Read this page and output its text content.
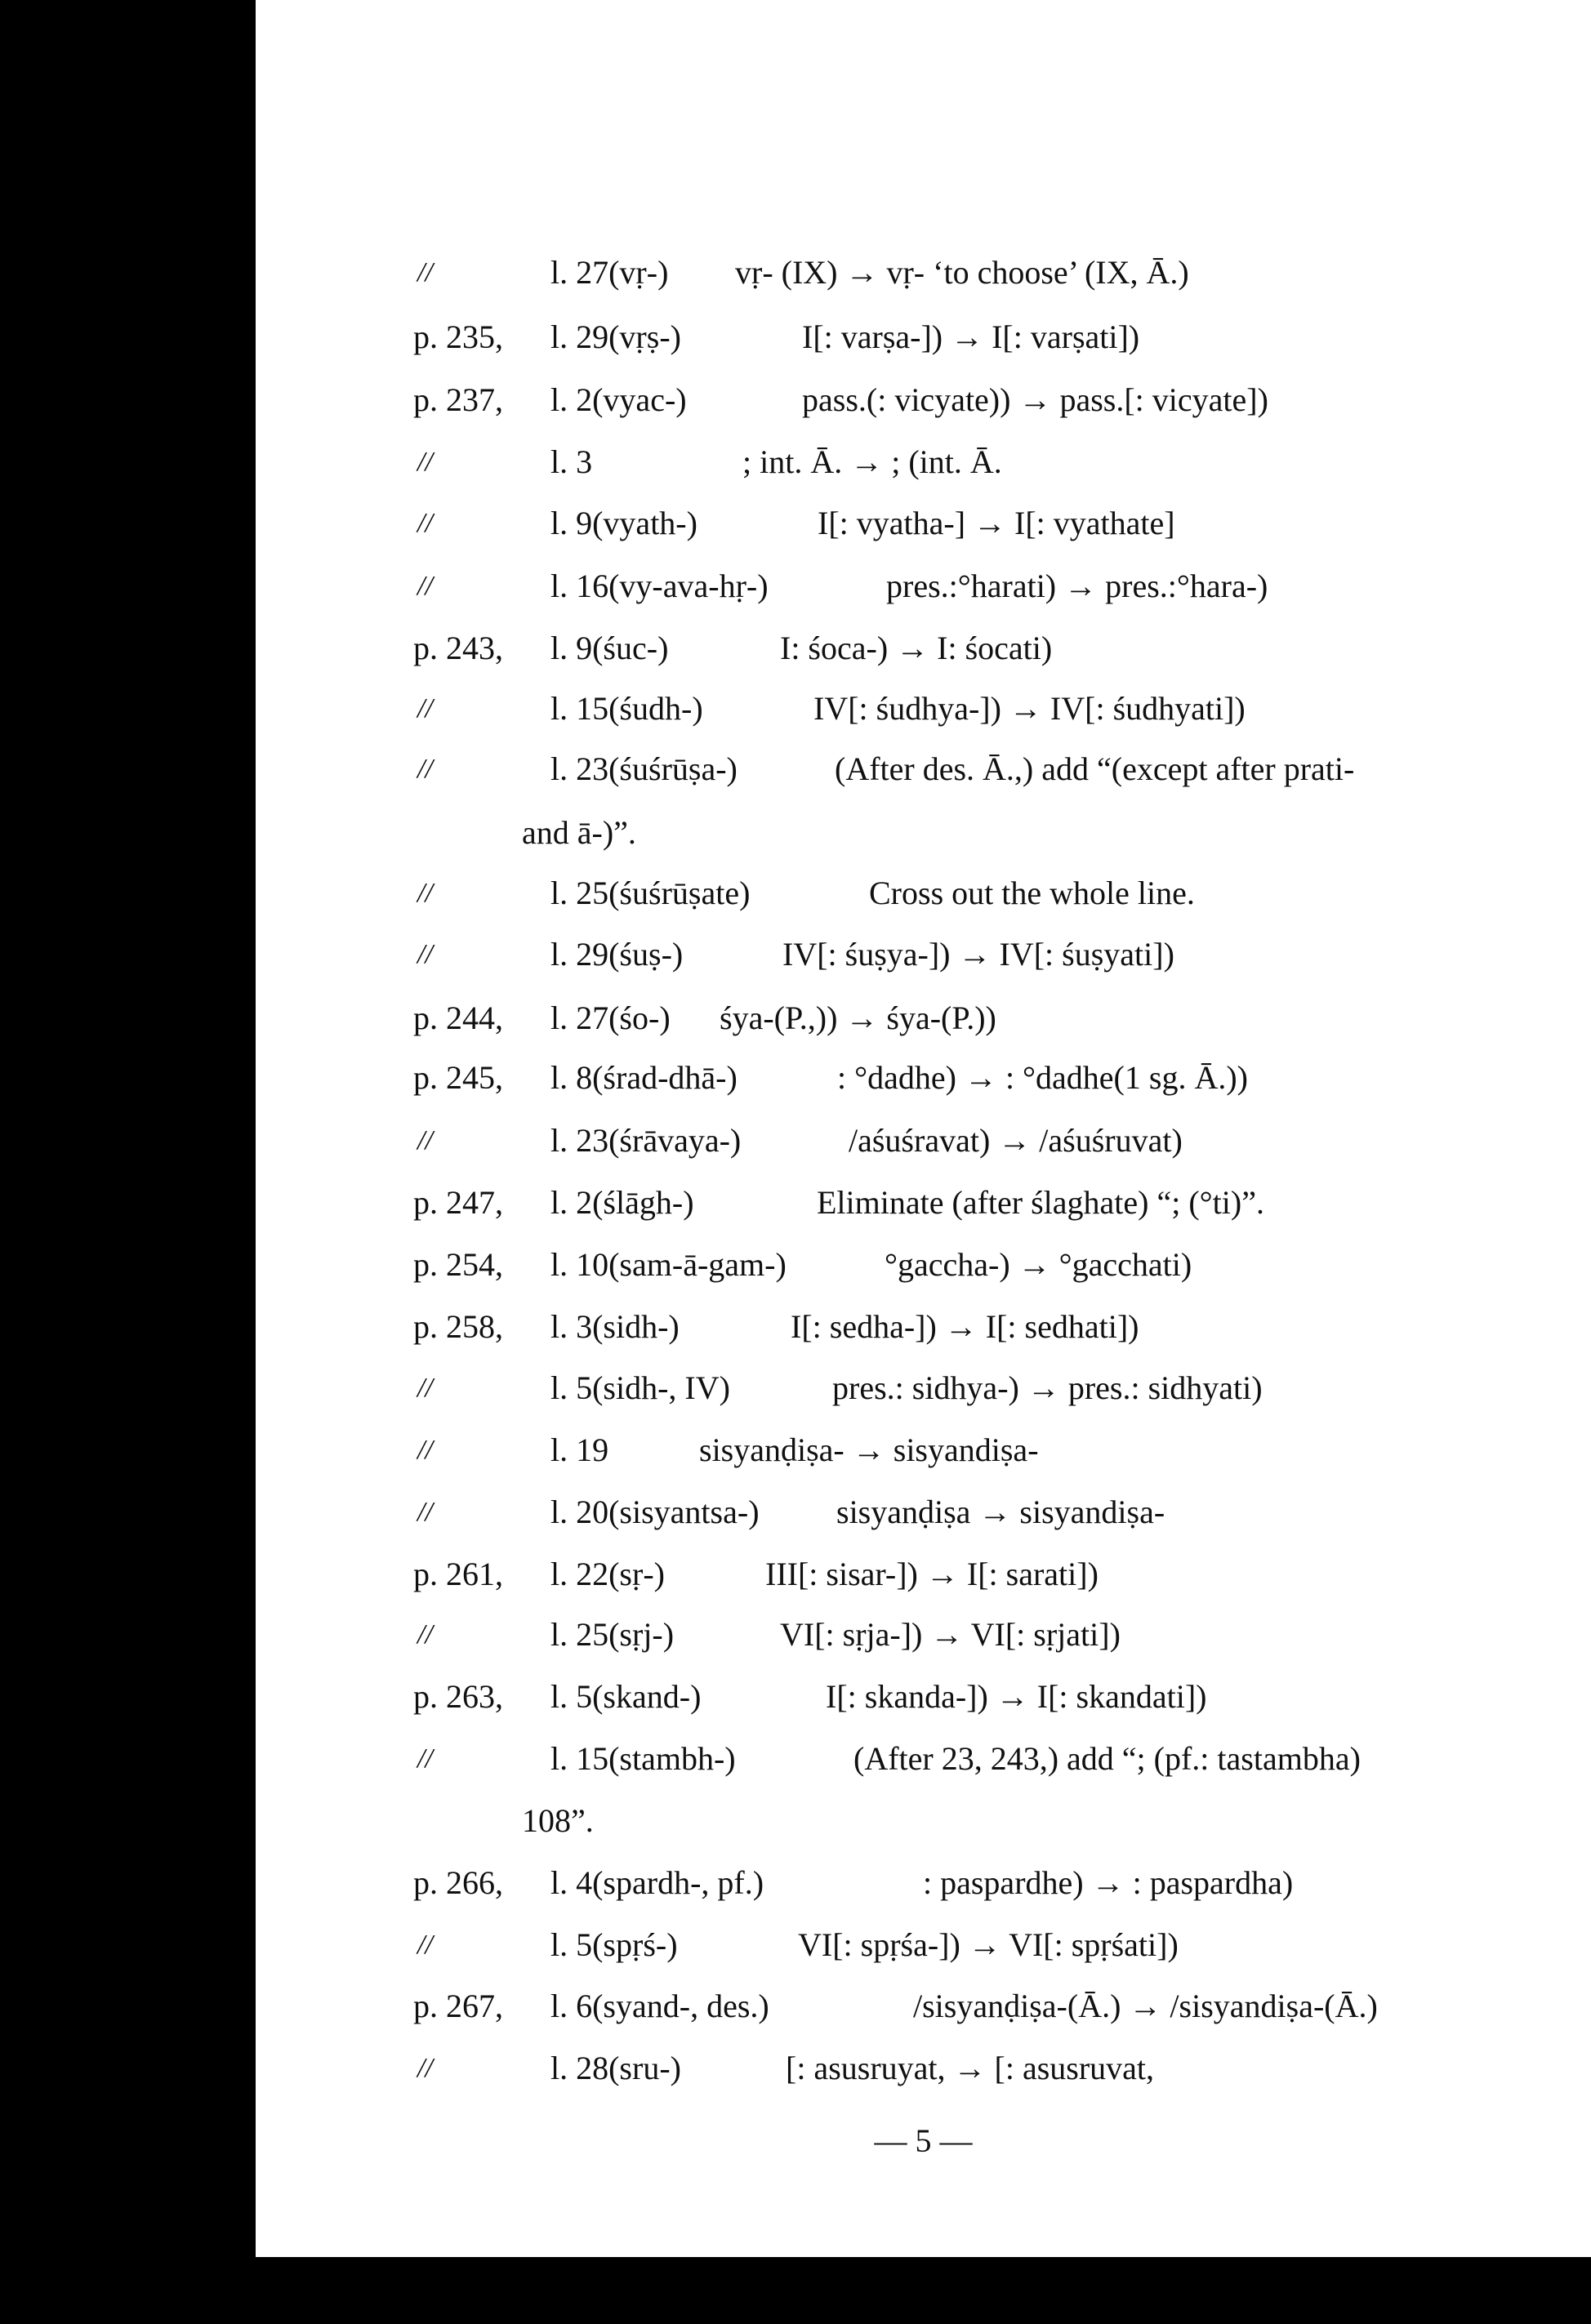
//	l. 27(vṛ-) vṛ- (IX) → vṛ- ‘to choose’ (IX, Ā.)
p. 235, l. 29(vṛṣ-)	I[: varṣa-]) → I[: varṣati])
p. 237, l. 2(vyac-)	pass.(: vicyate)) → pass.[: vicyate])
//	l. 3	; int. Ā. → ; (int. Ā.
//	l. 9(vyath-)	I[: vyatha-] → I[: vyathate]
//	l. 16(vy-ava-hṛ-)	pres.:°harati) → pres.:°hara-)
p. 243, l. 9(śuc-)	I: śoca-) → I: śocati)
//	l. 15(śudh-)	IV[: śudhya-]) → IV[: śudhyati])
//	l. 23(śuśrūṣa-)	(After des. Ā.,) add “(except after prati-
and ā-)”.
//	l. 25(śuśrūṣate)	Cross out the whole line.
//	l. 29(śuṣ-)	IV[: śuṣya-]) → IV[: śuṣyati])
p. 244, l. 27(śo-) śya-(P.,)) → śya-(P.))
p. 245, l. 8(śrad-dhā-)	: °dadhe) → : °dadhe(1 sg. Ā.))
//	l. 23(śrāvaya-)	/aśuśravat) → /aśuśruvat)
p. 247, l. 2(ślāgh-)	Eliminate (after ślaghate) “; (°ti)”.
p. 254, l. 10(sam-ā-gam-)	°gaccha-) → °gacchati)
p. 258, l. 3(sidh-)	I[: sedha-]) → I[: sedhati])
//	l. 5(sidh-, IV)	pres.: sidhya-) → pres.: sidhyati)
//	l. 19	sisyanḍiṣa- → sisyandiṣa-
//	l. 20(sisyantsa-) sisyanḍiṣa → sisyandiṣa-
p. 261, l. 22(sṛ-)	III[: sisar-]) → I[: sarati])
//	l. 25(sṛj-)	VI[: sṛja-]) → VI[: sṛjati])
p. 263, l. 5(skand-)	I[: skanda-]) → I[: skandati])
//	l. 15(stambh-)	(After 23, 243,) add “; (pf.: tastambha)
108”.
p. 266, l. 4(spardh-, pf.)	: paspardhe) → : paspardha)
//	l. 5(spṛś-)	VI[: spṛśa-]) → VI[: spṛśati])
p. 267, l. 6(syand-, des.)	/sisyanḍiṣa-(Ā.) → /sisyandiṣa-(Ā.)
//	l. 28(sru-)	[: asusruyat, → [: asusruvat,
— 5 —
